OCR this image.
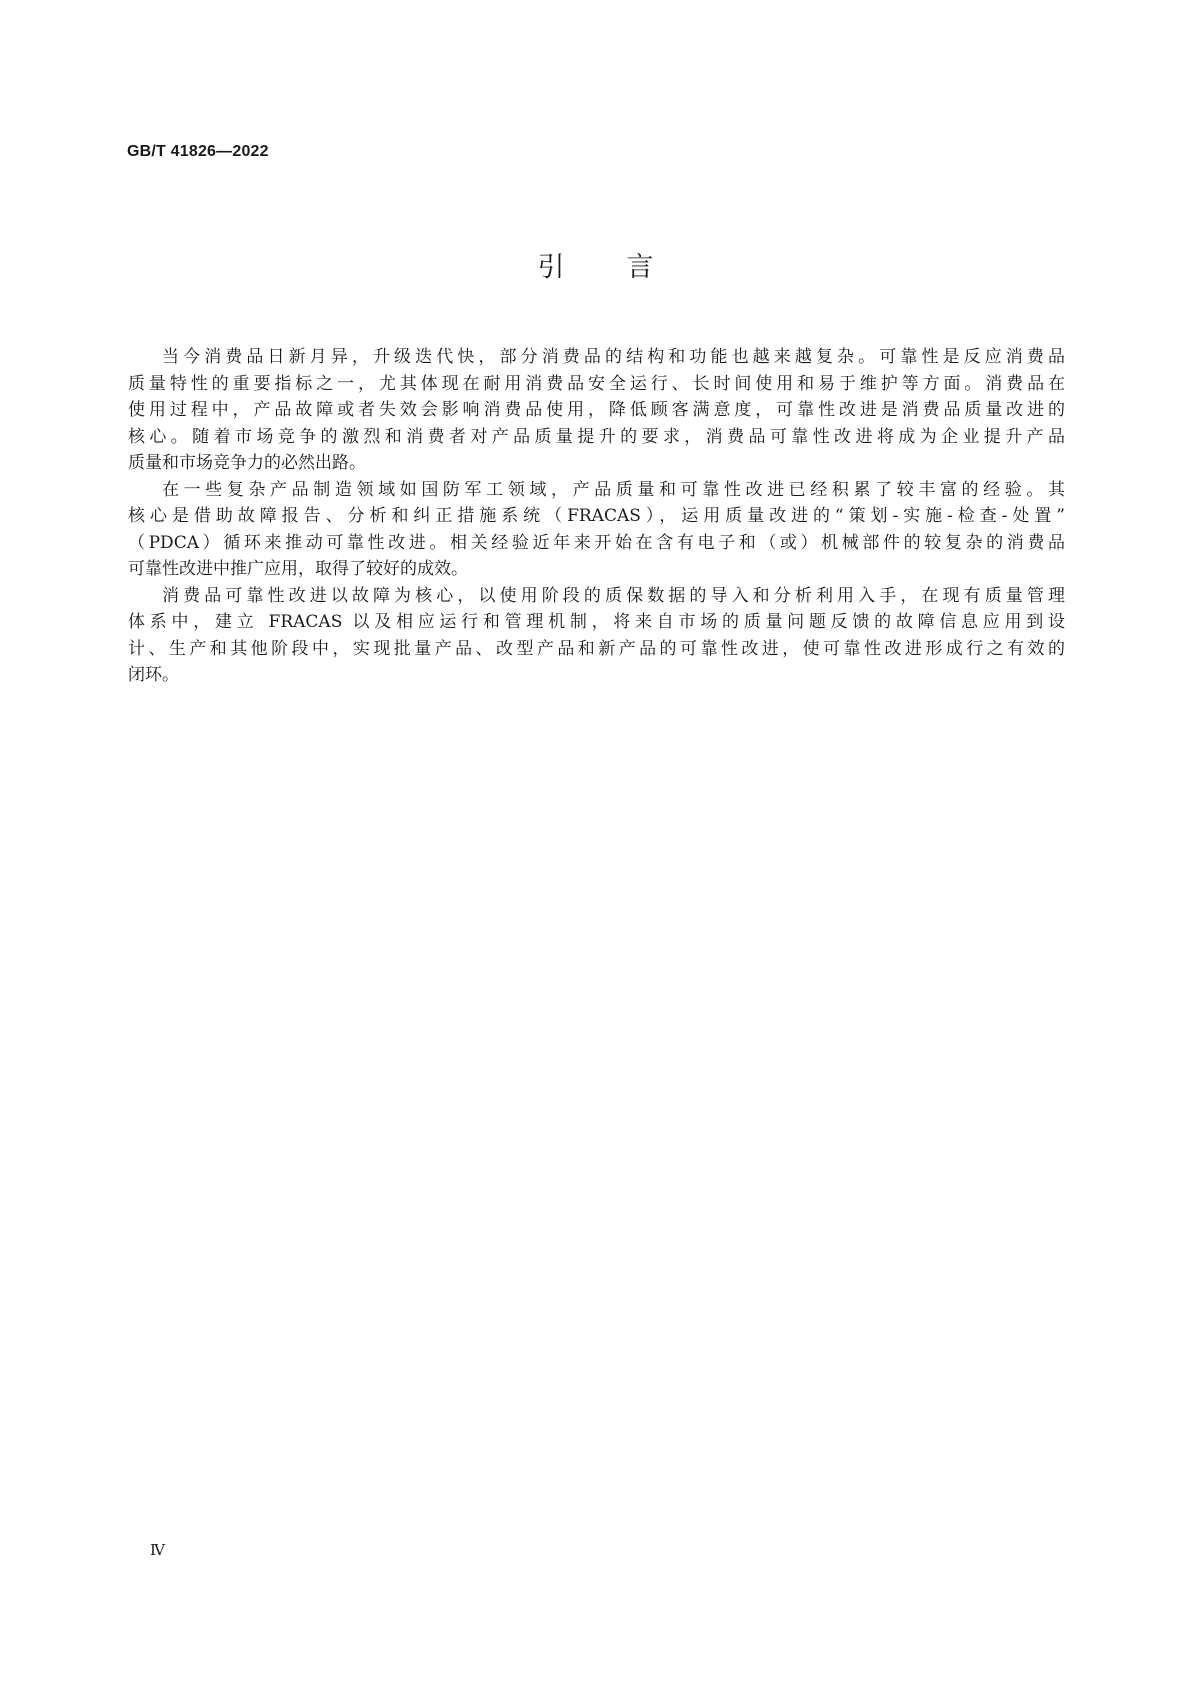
GB/T 41826—2022
引言
当今消费品日新月异，升级迭代快，部分消费品的结构和功能也越来越复杂。可靠性是反应消费品
质量特性的重要指标之一，尤其体现在耐用消费品安全运行、长时间使用和易于维护等方面。消费品在
使用过程中，产品故障或者失效会影响消费品使用，降低顾客满意度，可靠性改进是消费品质量改进的
核心。随着市场竞争的激烈和消费者对产品质量提升的要求，消费品可靠性改进将成为企业提升产品
质量和市场竞争力的必然出路。
在一些复杂产品制造领域如国防军工领域，产品质量和可靠性改进已经积累了较丰富的经验。其
核心是借助故障报告、分析和纠正措施系统（FRACAS），运用质量改进的“策划-实施-检查-处置”
（PDCA）循环来推动可靠性改进。相关经验近年来开始在含有电子和（或）机械部件的较复杂的消费品
可靠性改进中推广应用，取得了较好的成效。
消费品可靠性改进以故障为核心，以使用阶段的质保数据的导入和分析利用入手，在现有质量管理
体系中，建立 FRACAS 以及相应运行和管理机制，将来自市场的质量问题反馈的故障信息应用到设
计、生产和其他阶段中，实现批量产品、改型产品和新产品的可靠性改进，使可靠性改进形成行之有效的
闭环。
Ⅳ
